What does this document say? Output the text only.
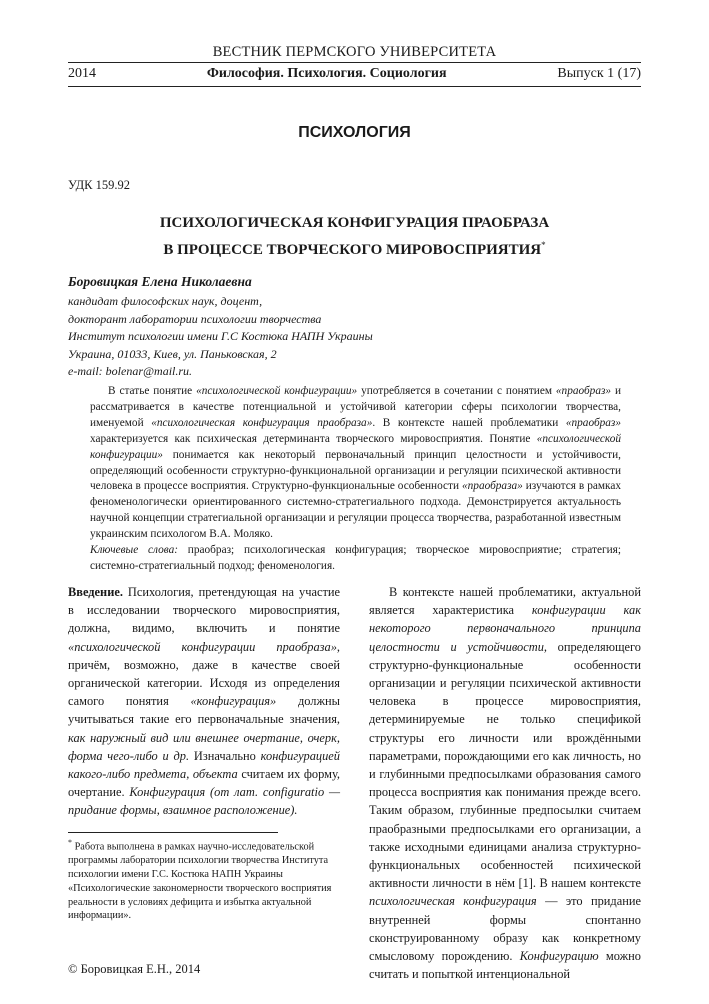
ВЕСТНИК ПЕРМСКОГО УНИВЕРСИТЕТА
2014	Философия. Психология. Социология	Выпуск 1 (17)
ПСИХОЛОГИЯ
УДК 159.92
ПСИХОЛОГИЧЕСКАЯ КОНФИГУРАЦИЯ ПРАОБРАЗА
В ПРОЦЕССЕ ТВОРЧЕСКОГО МИРОВОСПРИЯТИЯ*
Боровицкая Елена Николаевна
кандидат философских наук, доцент,
докторант лаборатории психологии творчества
Институт психологии имени Г.С Костюка НАПН Украины
Украина, 01033, Киев, ул. Паньковская, 2
e-mail: bolenar@mail.ru.

В статье понятие «психологической конфигурации» употребляется в сочетании с понятием «праобраз» и рассматривается в качестве потенциальной и устойчивой категории сферы психологии творчества, именуемой «психологическая конфигурация праобраза». В контексте нашей проблематики «праобраз» характеризуется как психическая детерминанта творческого мировосприятия. Понятие «психологической конфигурации» понимается как некоторый первоначальный принцип целостности и устойчивости, определяющий особенности структурно-функциональной организации и регуляции психической активности человека в процессе восприятия. Структурно-функциональные особенности «праобраза» изучаются в рамках феноменологически ориентированного системно-стратегиального подхода. Демонстрируется актуальность научной концепции стратегиальной организации и регуляции процесса творчества, разработанной известным украинским психологом В.А. Моляко.

Ключевые слова: праобраз; психологическая конфигурация; творческое мировосприятие; стратегия; системно-стратегиальный подход; феноменология.

Введение. Психология, претендующая на участие в исследовании творческого мировосприятия, должна, видимо, включить и понятие «психологической конфигурации праобраза», причём, возможно, даже в качестве своей органической категории. Исходя из определения самого понятия «конфигурация» должны учитываться такие его первоначальные значения, как наружный вид или внешнее очертание, очерк, форма чего-либо и др. Изначально конфигурацией какого-либо предмета, объекта считаем их форму, очертание. Конфигурация (от лат. configuratio — придание формы, взаимное расположение).

В контексте нашей проблематики, актуальной является характеристика конфигурации как некоторого первоначального принципа целостности и устойчивости, определяющего структурно-функциональные особенности организации и регуляции психической активности человека в процессе мировосприятия, детерминируемые не только спецификой структуры его личности или врождёнными параметрами, порождающими его как личность, но и глубинными предпосылками образования самого процесса восприятия как понимания прежде всего. Таким образом, глубинные предпосылки считаем праобразными предпосылками его организации, а также исходными единицами анализа структурно-функциональных особенностей психической активности личности в нём [1]. В нашем контексте психологическая конфигурация — это придание внутренней формы спонтанно сконструированному образу как конкретному смысловому порождению. Конфигурацию можно считать и попыткой интенциональной

* Работа выполнена в рамках научно-исследовательской программы лаборатории психологии творчества Института психологии имени Г.С. Костюка НАПН Украины «Психологические закономерности творческого восприятия реальности в условиях дефицита и избытка актуальной информации».
© Боровицкая Е.Н., 2014
